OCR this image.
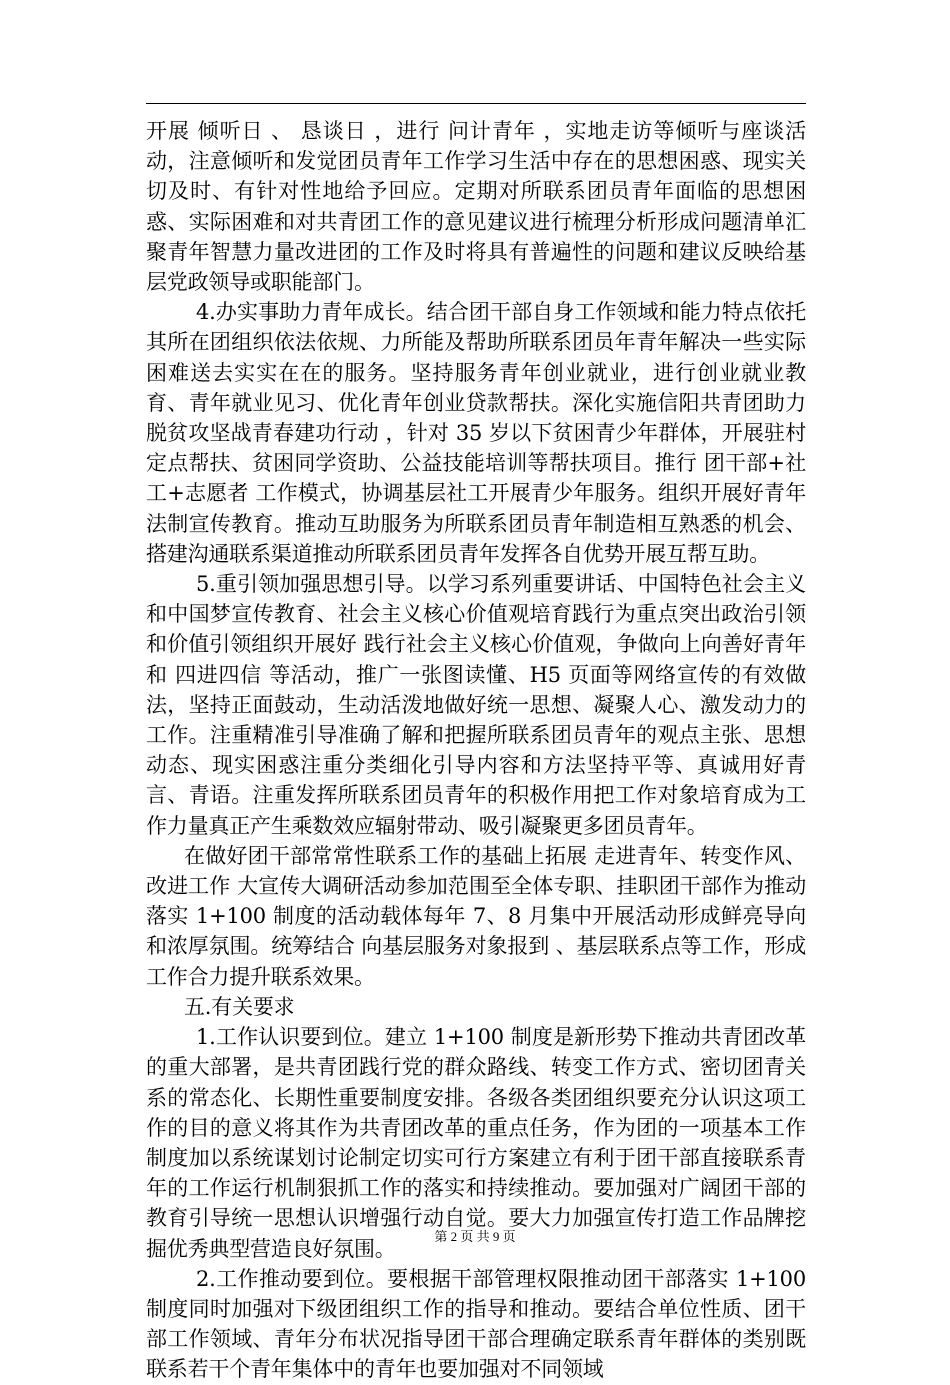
开展 倾听日 、 恳谈日 ，进行 问计青年 ，实地走访等倾听与座谈活动，注意倾听和发觉团员青年工作学习生活中存在的思想困惑、现实关切及时、有针对性地给予回应。定期对所联系团员青年面临的思想困惑、实际困难和对共青团工作的意见建议进行梳理分析形成问题清单汇聚青年智慧力量改进团的工作及时将具有普遍性的问题和建议反映给基层党政领导或职能部门。

4.办实事助力青年成长。结合团干部自身工作领域和能力特点依托其所在团组织依法依规、力所能及帮助所联系团员年青年解决一些实际困难送去实实在在的服务。坚持服务青年创业就业，进行创业就业教育、青年就业见习、优化青年创业贷款帮扶。深化实施信阳共青团助力脱贫攻坚战青春建功行动 ，针对 35 岁以下贫困青少年群体，开展驻村定点帮扶、贫困同学资助、公益技能培训等帮扶项目。推行 团干部+社工+志愿者 工作模式，协调基层社工开展青少年服务。组织开展好青年法制宣传教育。推动互助服务为所联系团员青年制造相互熟悉的机会、搭建沟通联系渠道推动所联系团员青年发挥各自优势开展互帮互助。

5.重引领加强思想引导。以学习系列重要讲话、中国特色社会主义和中国梦宣传教育、社会主义核心价值观培育践行为重点突出政治引领和价值引领组织开展好 践行社会主义核心价值观，争做向上向善好青年 和 四进四信 等活动，推广一张图读懂、H5 页面等网络宣传的有效做法，坚持正面鼓动，生动活泼地做好统一思想、凝聚人心、激发动力的工作。注重精准引导准确了解和把握所联系团员青年的观点主张、思想动态、现实困惑注重分类细化引导内容和方法坚持平等、真诚用好青言、青语。注重发挥所联系团员青年的积极作用把工作对象培育成为工作力量真正产生乘数效应辐射带动、吸引凝聚更多团员青年。

在做好团干部常常性联系工作的基础上拓展 走进青年、转变作风、改进工作 大宣传大调研活动参加范围至全体专职、挂职团干部作为推动落实 1+100 制度的活动载体每年 7、8 月集中开展活动形成鲜亮导向和浓厚氛围。统筹结合 向基层服务对象报到 、基层联系点等工作，形成工作合力提升联系效果。

五.有关要求

1.工作认识要到位。建立 1+100 制度是新形势下推动共青团改革的重大部署，是共青团践行党的群众路线、转变工作方式、密切团青关系的常态化、长期性重要制度安排。各级各类团组织要充分认识这项工作的目的意义将其作为共青团改革的重点任务，作为团的一项基本工作制度加以系统谋划讨论制定切实可行方案建立有利于团干部直接联系青年的工作运行机制狠抓工作的落实和持续推动。要加强对广阔团干部的教育引导统一思想认识增强行动自觉。要大力加强宣传打造工作品牌挖掘优秀典型营造良好氛围。

2.工作推动要到位。要根据干部管理权限推动团干部落实 1+100 制度同时加强对下级团组织工作的指导和推动。要结合单位性质、团干部工作领域、青年分布状况指导团干部合理确定联系青年群体的类别既联系若干个青年集体中的青年也要加强对不同领域

第 2 页 共 9 页
